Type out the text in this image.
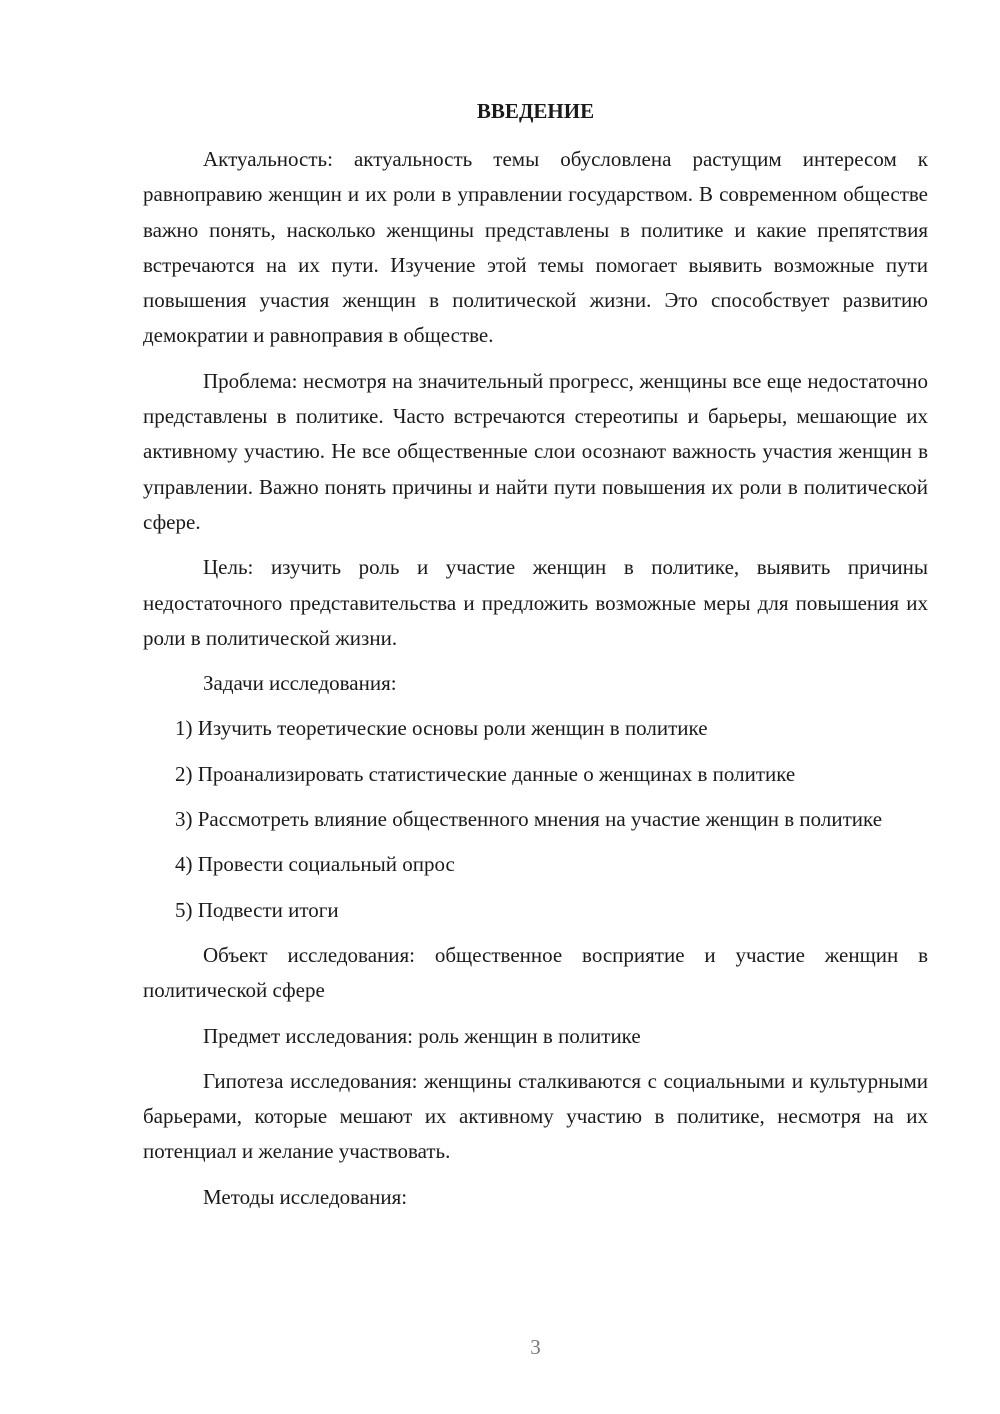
ВВЕДЕНИЕ

Актуальность: актуальность темы обусловлена растущим интересом к равноправию женщин и их роли в управлении государством. В современном обществе важно понять, насколько женщины представлены в политике и какие препятствия встречаются на их пути. Изучение этой темы помогает выявить возможные пути повышения участия женщин в политической жизни. Это способствует развитию демократии и равноправия в обществе.

Проблема: несмотря на значительный прогресс, женщины все еще недостаточно представлены в политике. Часто встречаются стереотипы и барьеры, мешающие их активному участию. Не все общественные слои осознают важность участия женщин в управлении. Важно понять причины и найти пути повышения их роли в политической сфере.

Цель: изучить роль и участие женщин в политике, выявить причины недостаточного представительства и предложить возможные меры для повышения их роли в политической жизни.

Задачи исследования:

1) Изучить теоретические основы роли женщин в политике

2) Проанализировать статистические данные о женщинах в политике

3) Рассмотреть влияние общественного мнения на участие женщин в политике

4) Провести социальный опрос

5) Подвести итоги

Объект исследования: общественное восприятие и участие женщин в политической сфере

Предмет исследования: роль женщин в политике

Гипотеза исследования: женщины сталкиваются с социальными и культурными барьерами, которые мешают их активному участию в политике, несмотря на их потенциал и желание участвовать.

Методы исследования:

3
